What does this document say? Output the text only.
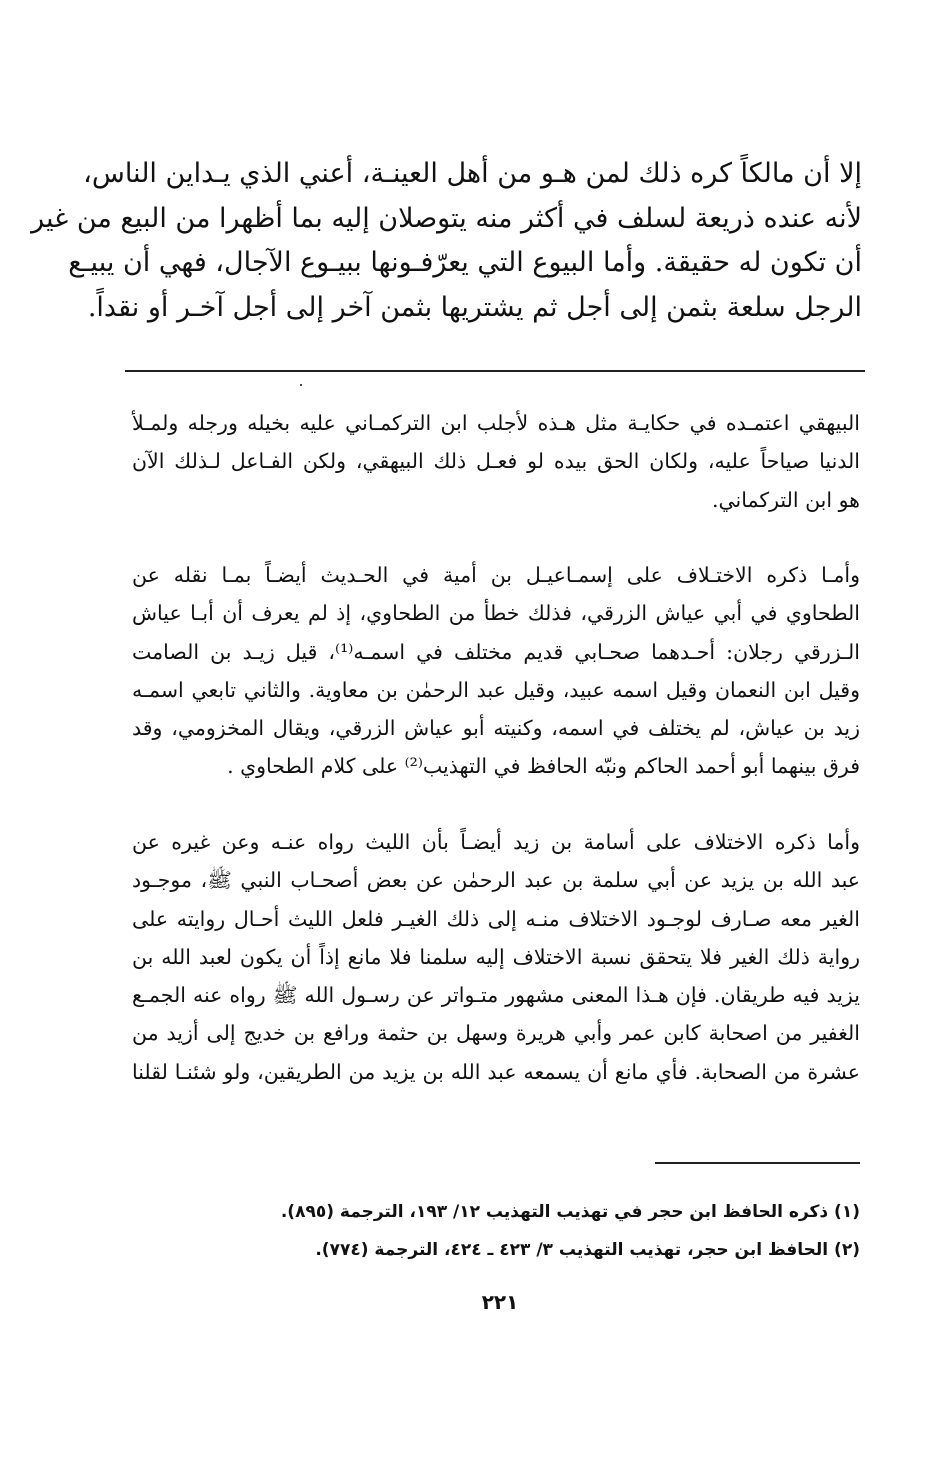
إلا أن مالكاً كره ذلك لمن هـو من أهل العينـة، أعني الذي يـداين الناس،
لأنه عنده ذريعة لسلف في أكثر منه يتوصلان إليه بما أظهرا من البيع من غير
أن تكون له حقيقة. وأما البيوع التي يعرّفـونها ببيـوع الآجال، فهي أن يبيـع
الرجل سلعة بثمن إلى أجل ثم يشتريها بثمن آخر إلى أجل آخـر أو نقداً.
البيهقي اعتمـده في حكايـة مثل هـذه لأجلب ابن التركمـاني عليه بخيله ورجله ولمـلأ
الدنيا صياحاً عليه، ولكان الحق بيده لو فعـل ذلك البيهقي، ولكن الفـاعل لـذلك الآن
هو ابن التركماني.
وأمـا ذكره الاختـلاف على إسمـاعيـل بن أمية في الحـديث أيضـاً بمـا نقله عن
الطحاوي في أبي عياش الزرقي، فذلك خطأ من الطحاوي، إذ لم يعرف أن أبـا عياش
الـزرقي رجلان: أحـدهما صحـابي قديم مختلف في اسمـه⁽¹⁾، قيل زيـد بن الصامت
وقيل ابن النعمان وقيل اسمه عبيد، وقيل عبد الرحمٰن بن معاوية. والثاني تابعي اسمـه
زيد بن عياش، لم يختلف في اسمه، وكنيته أبو عياش الزرقي، ويقال المخزومي، وقد
فرق بينهما أبو أحمد الحاكم ونبّه الحافظ في التهذيب⁽²⁾ على كلام الطحاوي .
وأما ذكره الاختلاف على أسامة بن زيد أيضـاً بأن الليث رواه عنـه وعن غيره عن
عبد الله بن يزيد عن أبي سلمة بن عبد الرحمٰن عن بعض أصحـاب النبي ﷺ، موجـود
الغير معه صـارف لوجـود الاختلاف منـه إلى ذلك الغيـر فلعل الليث أحـال روايته على
رواية ذلك الغير فلا يتحقق نسبة الاختلاف إليه سلمنا فلا مانع إذاً أن يكون لعبد الله بن
يزيد فيه طريقان. فإن هـذا المعنى مشهور متـواتر عن رسـول الله ﷺ رواه عنه الجمـع
الغفير من اصحابة كابن عمر وأبي هريرة وسهل بن حثمة ورافع بن خديج إلى أزيد من
عشرة من الصحابة. فأي مانع أن يسمعه عبد الله بن يزيد من الطريقين، ولو شئنـا لقلنا
(١) ذكره الحافظ ابن حجر في تهذيب التهذيب ١٢/ ١٩٣، الترجمة (٨٩٥).
(٢) الحافظ ابن حجر، تهذيب التهذيب ٣/ ٤٢٣ ـ ٤٢٤، الترجمة (٧٧٤).
٢٢١
